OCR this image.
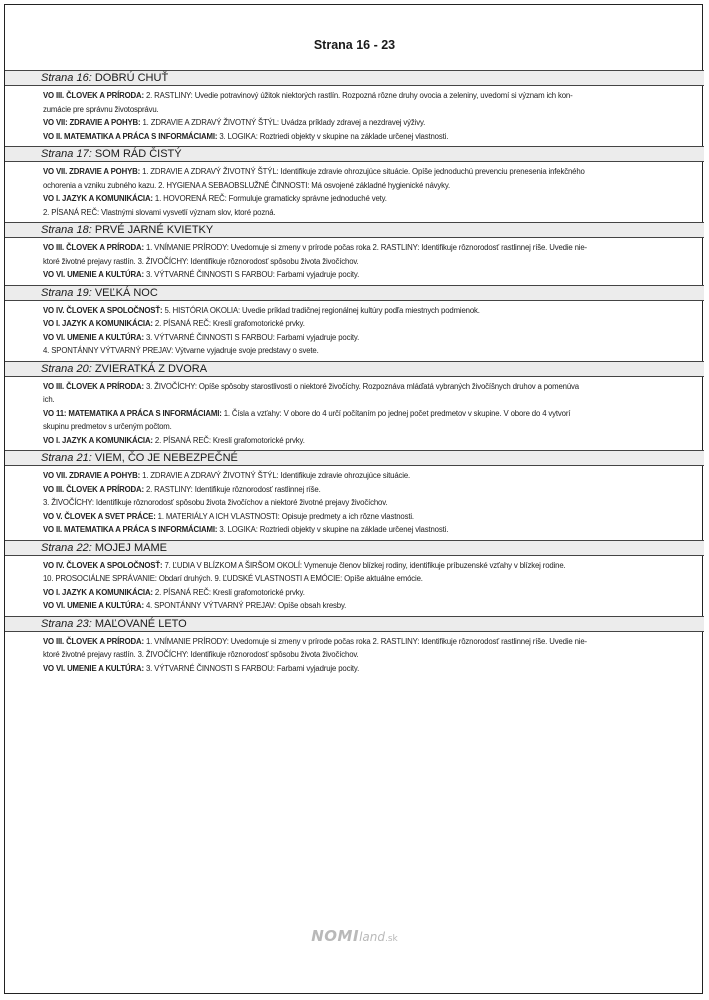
Strana 16 - 23
Strana 16: DOBRÚ CHUŤ
VO III. ČLOVEK A PRÍRODA: 2. RASTLINY: Uvedie potravinový úžitok niektorých rastlín. Rozpozná rôzne druhy ovocia a zeleniny, uvedomí si význam ich kon-
zumácie pre správnu životosprávu.
VO VII: ZDRAVIE A POHYB: 1. ZDRAVIE A ZDRAVÝ ŽIVOTNÝ ŠTÝL: Uvádza príklady zdravej a nezdravej výživy.
VO II. MATEMATIKA A PRÁCA S INFORMÁCIAMI: 3. LOGIKA: Roztriedi objekty v skupine na základe určenej vlastnosti.
Strana 17: SOM RÁD ČISTÝ
VO VII. ZDRAVIE A POHYB: 1. ZDRAVIE A ZDRAVÝ ŽIVOTNÝ ŠTÝL: Identifikuje zdravie ohrozujúce situácie. Opíše jednoduchú prevenciu prenesenia infekčného
ochorenia a vzniku zubného kazu. 2. HYGIENA A SEBAOBSLUŽNÉ ČINNOSTI: Má osvojené základné hygienické návyky.
VO I. JAZYK A KOMUNIKÁCIA: 1. HOVORENÁ REČ: Formuluje gramaticky správne jednoduché vety.
2. PÍSANÁ REČ: Vlastnými slovami vysvetlí význam slov, ktoré pozná.
Strana 18: PRVÉ JARNÉ KVIETKY
VO III. ČLOVEK A PRÍRODA: 1. VNÍMANIE PRÍRODY: Uvedomuje si zmeny v prírode počas roka 2. RASTLINY: Identifikuje rôznorodosť rastlinnej ríše. Uvedie nie-
ktoré životné prejavy rastlín. 3. ŽIVOČÍCHY: Identifikuje rôznorodosť spôsobu života živočíchov.
VO VI. UMENIE A KULTÚRA: 3. VÝTVARNÉ ČINNOSTI S FARBOU: Farbami vyjadruje pocity.
Strana 19: VEĽKÁ NOC
VO IV. ČLOVEK A SPOLOČNOSŤ: 5. HISTÓRIA OKOLIA: Uvedie príklad tradičnej regionálnej kultúry podľa miestnych podmienok.
VO I. JAZYK A KOMUNIKÁCIA: 2. PÍSANÁ REČ: Kreslí grafomotorické prvky.
VO VI. UMENIE A KULTÚRA: 3. VÝTVARNÉ ČINNOSTI S FARBOU: Farbami vyjadruje pocity.
4. SPONTÁNNY VÝTVARNÝ PREJAV: Výtvarne vyjadruje svoje predstavy o svete.
Strana 20: ZVIERATKÁ Z DVORA
VO III. ČLOVEK A PRÍRODA: 3. ŽIVOČÍCHY: Opíše spôsoby starostlivosti o niektoré živočíchy. Rozpoznáva mláďatá vybraných živočíšnych druhov a pomenúva
ich.
VO 11: MATEMATIKA A PRÁCA S INFORMÁCIAMI: 1. Čísla a vzťahy: V obore do 4 určí počítaním po jednej počet predmetov v skupine. V obore do 4 vytvorí
skupinu predmetov s určeným počtom.
VO I. JAZYK A KOMUNIKÁCIA: 2. PÍSANÁ REČ: Kreslí grafomotorické prvky.
Strana 21: VIEM, ČO JE NEBEZPEČNÉ
VO VII. ZDRAVIE A POHYB: 1. ZDRAVIE A ZDRAVÝ ŽIVOTNÝ ŠTÝL: Identifikuje zdravie ohrozujúce situácie.
VO III. ČLOVEK A PRÍRODA: 2. RASTLINY: Identifikuje rôznorodosť rastlinnej ríše.
3. ŽIVOČÍCHY: Identifikuje rôznorodosť spôsobu života živočíchov a niektoré životné prejavy živočíchov.
VO V. ČLOVEK A SVET PRÁCE: 1. MATERIÁLY A ICH VLASTNOSTI: Opisuje predmety a ich rôzne vlastnosti.
VO II. MATEMATIKA A PRÁCA S INFORMÁCIAMI: 3. LOGIKA: Roztriedi objekty v skupine na základe určenej vlastnosti.
Strana 22: MOJEJ MAME
VO IV. ČLOVEK A SPOLOČNOSŤ: 7. ĽUDIA V BLÍZKOM A ŠIRŠOM OKOLÍ: Vymenuje členov blízkej rodiny, identifikuje príbuzenské vzťahy v blízkej rodine.
10. PROSOCIÁLNE SPRÁVANIE: Obdarí druhých. 9. ĽUDSKÉ VLASTNOSTI A EMÓCIE: Opíše aktuálne emócie.
VO I. JAZYK A KOMUNIKÁCIA: 2. PÍSANÁ REČ: Kreslí grafomotorické prvky.
VO VI. UMENIE A KULTÚRA: 4. SPONTÁNNY VÝTVARNÝ PREJAV: Opíše obsah kresby.
Strana 23: MAĽOVANÉ LETO
VO III. ČLOVEK A PRÍRODA: 1. VNÍMANIE PRÍRODY: Uvedomuje si zmeny v prírode počas roka 2. RASTLINY: Identifikuje rôznorodosť rastlinnej ríše. Uvedie nie-
ktoré životné prejavy rastlín. 3. ŽIVOČÍCHY: Identifikuje rôznorodosť spôsobu života živočíchov.
VO VI. UMENIE A KULTÚRA: 3. VÝTVARNÉ ČINNOSTI S FARBOU: Farbami vyjadruje pocity.
NOMIland.sk
